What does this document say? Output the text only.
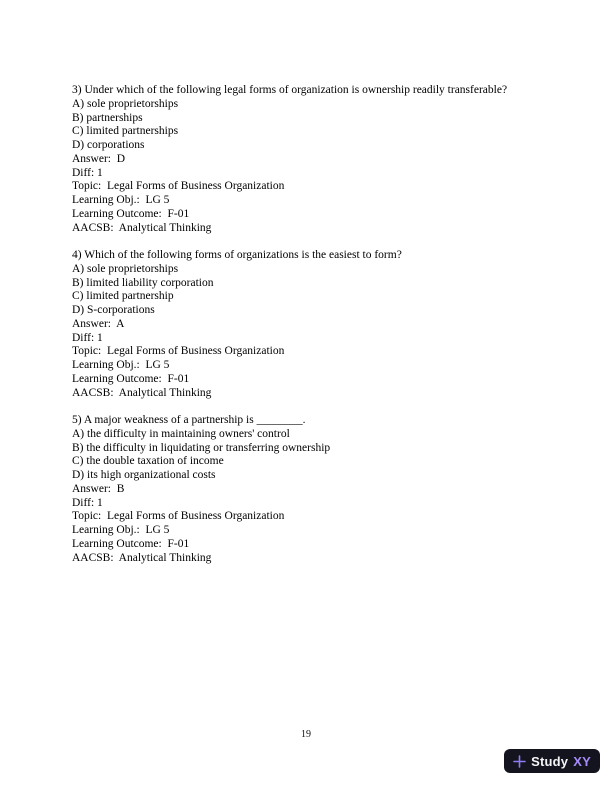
3) Under which of the following legal forms of organization is ownership readily transferable?
A) sole proprietorships
B) partnerships
C) limited partnerships
D) corporations
Answer:  D
Diff: 1
Topic:  Legal Forms of Business Organization
Learning Obj.:  LG 5
Learning Outcome:  F-01
AACSB:  Analytical Thinking
4) Which of the following forms of organizations is the easiest to form?
A) sole proprietorships
B) limited liability corporation
C) limited partnership
D) S-corporations
Answer:  A
Diff: 1
Topic:  Legal Forms of Business Organization
Learning Obj.:  LG 5
Learning Outcome:  F-01
AACSB:  Analytical Thinking
5) A major weakness of a partnership is ________.
A) the difficulty in maintaining owners' control
B) the difficulty in liquidating or transferring ownership
C) the double taxation of income
D) its high organizational costs
Answer:  B
Diff: 1
Topic:  Legal Forms of Business Organization
Learning Obj.:  LG 5
Learning Outcome:  F-01
AACSB:  Analytical Thinking
19
Study XY
